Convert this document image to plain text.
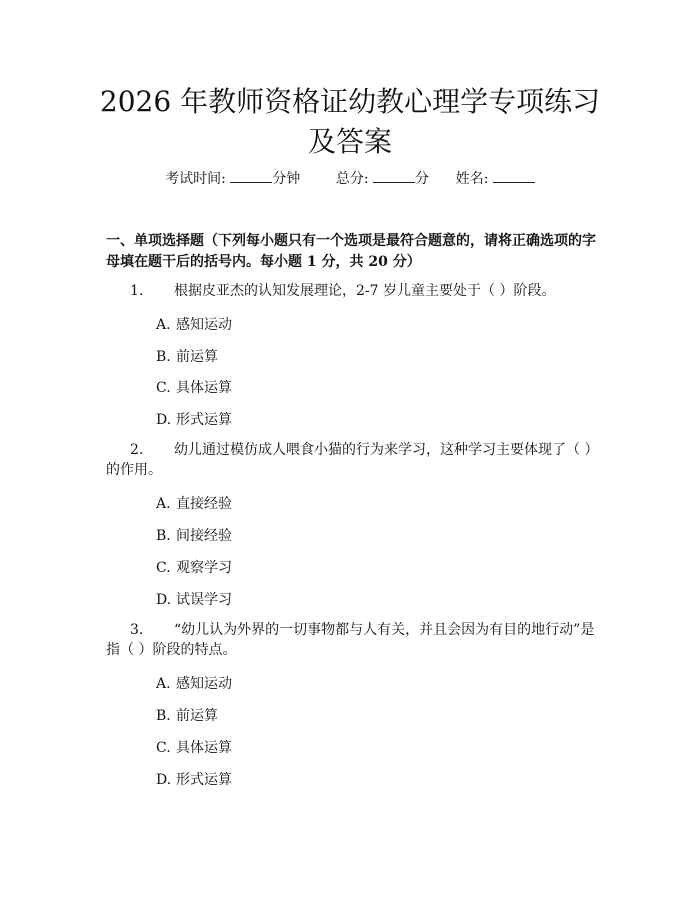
2026 年教师资格证幼教心理学专项练习及答案
考试时间:	分钟	总分:	分 姓名:
一、单项选择题（下列每小题只有一个选项是最符合题意的，请将正确选项的字母填在题干后的括号内。每小题 1 分，共 20 分）
1. 根据皮亚杰的认知发展理论，2-7 岁儿童主要处于（ ）阶段。
A. 感知运动
B. 前运算
C. 具体运算
D. 形式运算
2. 幼儿通过模仿成人喂食小猫的行为来学习，这种学习主要体现了（ ）的作用。
A. 直接经验
B. 间接经验
C. 观察学习
D. 试误学习
3. “幼儿认为外界的一切事物都与人有关，并且会因为有目的地行动”是指（ ）阶段的特点。
A. 感知运动
B. 前运算
C. 具体运算
D. 形式运算
